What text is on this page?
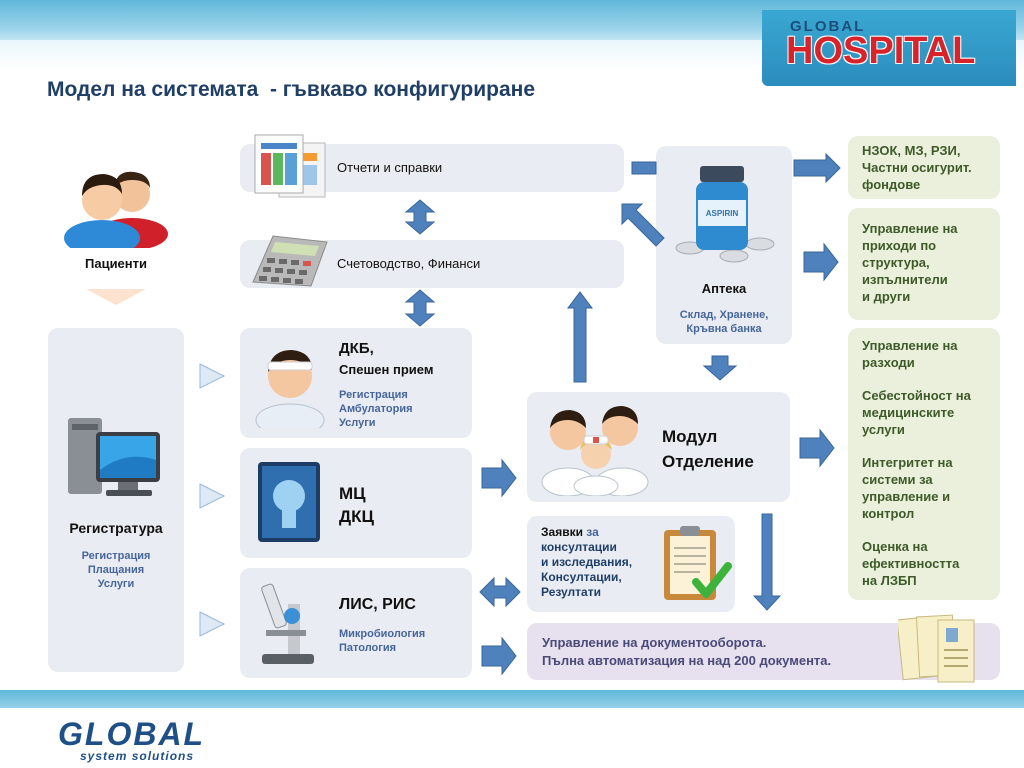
GLOBAL
HOSPITAL
Модел на системата  - гъвкаво конфигуриране
Отчети и справки
Счетоводство, Финанси
Регистратура
Регистрация
Плащания
Услуги
ДКБ,
Спешен прием
Регистрация
Амбулатория
Услуги
МЦ
ДКЦ
ЛИС, РИС
Микробиология
Патология
Аптека
Склад, Хранене,
Кръвна банка
Модул
Отделение
Заявки за
консултации
и изследвания,
Консултации,
Резултати
Управление на документооборота.
Пълна автоматизация на над 200 документа.
НЗОК, МЗ, РЗИ,
Частни осигурит.
фондове
Управление на
приходи по
структура,
изпълнители
и други
Управление на
разходи
Себестойност на
медицинските
услуги
Интегритет на
системи за
управление и
контрол
Оценка на
ефективността
на ЛЗБП
Пациенти
ASPIRIN
GLOBAL
system solutions
